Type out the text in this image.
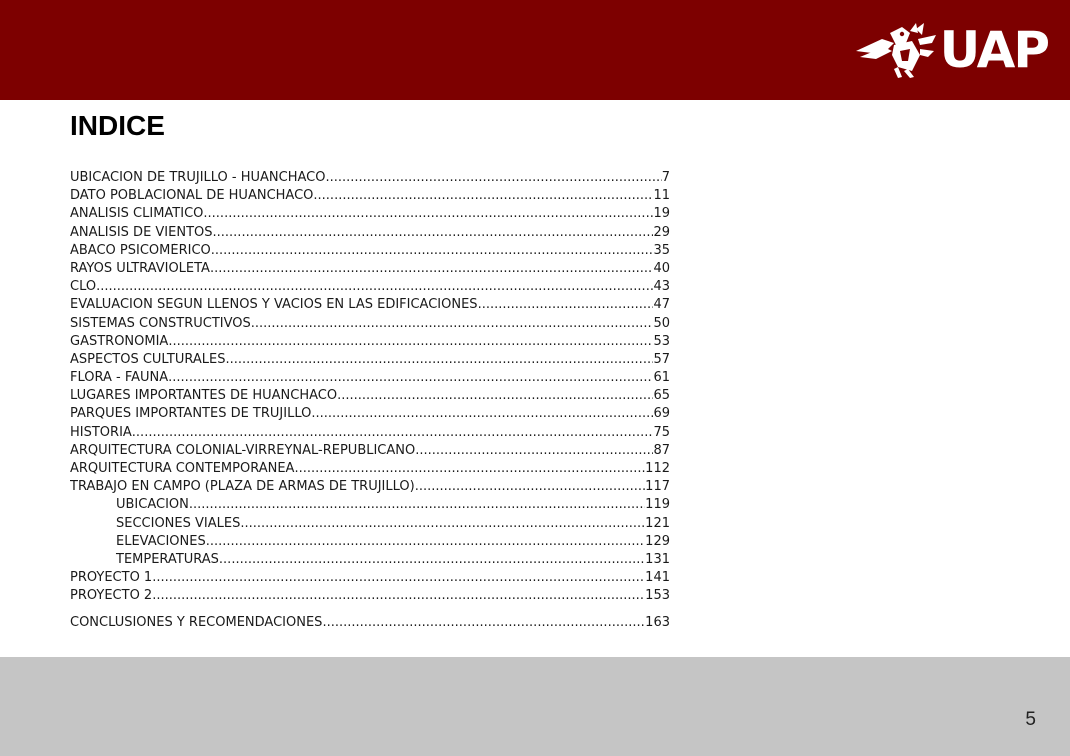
UAP
INDICE
UBICACIÓN DE TRUJILLO - HUANCHACO .....	7
DATO POBLACIONAL DE HUANCHACO .....	11
ANÁLISIS CLIMÁTICO .....	19
ANALISIS DE VIENTOS .....	29
ÁBACO PSICOMÉRICO .....	35
RAYOS ULTRAVIOLETA .....	40
CLO .....	43
EVALUACIÓN SEGÚN LLENOS Y VACIOS EN LAS EDIFICACIONES .....	47
SISTEMAS CONSTRUCTIVOS .....	50
GASTRONOMÍA .....	53
ASPECTOS CULTURALES .....	57
FLORA - FAUNA .....	61
LUGARES IMPORTANTES DE HUANCHACO .....	65
PARQUES IMPORTANTES DE TRUJILLO .....	69
HISTORIA .....	75
ARQUITECTURA COLONIAL-VIRREYNAL-REPUBLICANO .....	87
ARQUITECTURA CONTEMPORÁNEA .....	112
TRABAJO EN CAMPO (PLAZA DE ARMAS DE TRUJILLO) .....	117
UBICACIÓN .....	119
SECCIONES VIALES .....	121
ELEVACIONES .....	129
TEMPERATURAS .....	131
PROYECTO 1 .....	141
PROYECTO 2 .....	153
CONCLUSIONES Y RECOMENDACIONES .....	163
5
